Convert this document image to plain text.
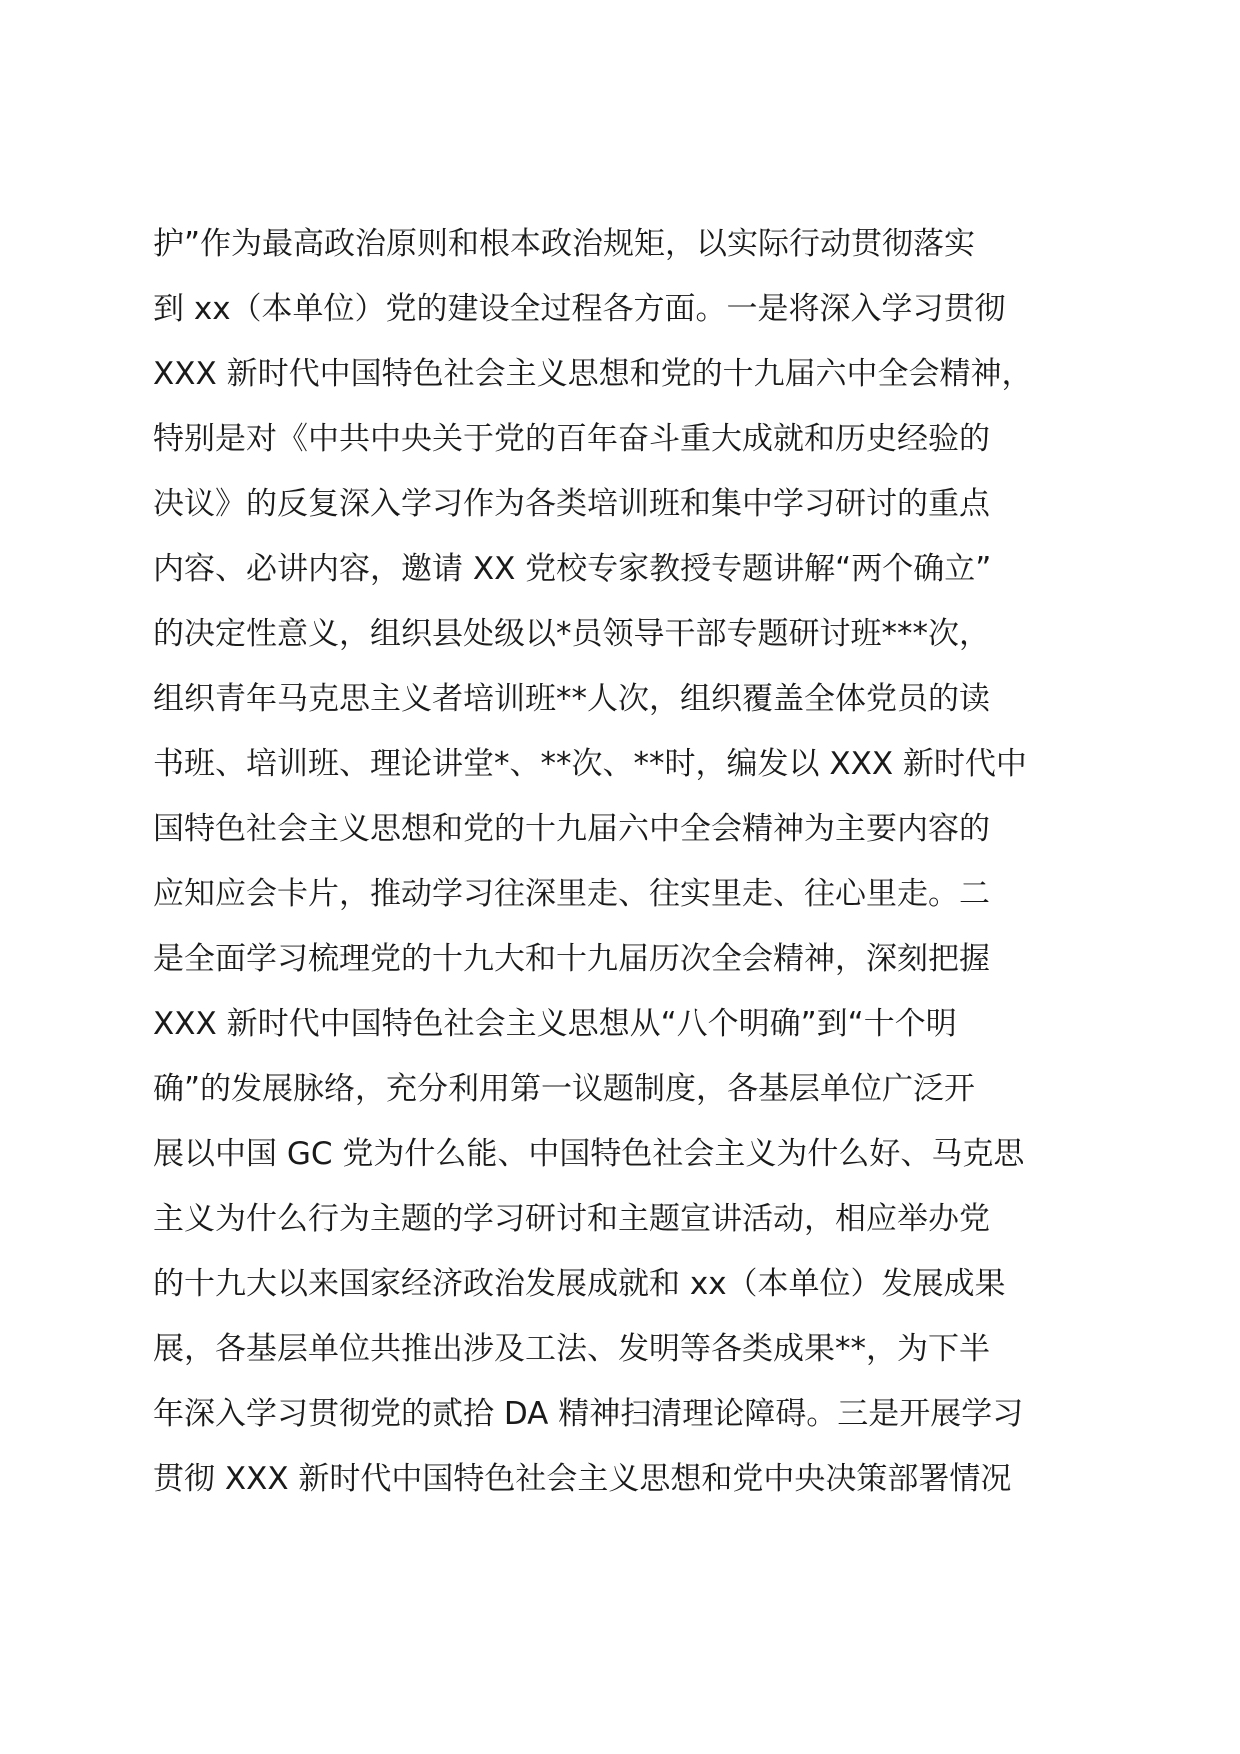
护”作为最高政治原则和根本政治规矩，以实际行动贯彻落实
到 xx（本单位）党的建设全过程各方面。一是将深入学习贯彻
XXX 新时代中国特色社会主义思想和党的十九届六中全会精神，
特别是对《中共中央关于党的百年奋斗重大成就和历史经验的
决议》的反复深入学习作为各类培训班和集中学习研讨的重点
内容、必讲内容，邀请 XX 党校专家教授专题讲解“两个确立”
的决定性意义，组织县处级以*员领导干部专题研讨班***次，
组织青年马克思主义者培训班**人次，组织覆盖全体党员的读
书班、培训班、理论讲堂*、**次、**时，编发以 XXX 新时代中
国特色社会主义思想和党的十九届六中全会精神为主要内容的
应知应会卡片，推动学习往深里走、往实里走、往心里走。二
是全面学习梳理党的十九大和十九届历次全会精神，深刻把握
XXX 新时代中国特色社会主义思想从“八个明确”到“十个明
确”的发展脉络，充分利用第一议题制度，各基层单位广泛开
展以中国 GC 党为什么能、中国特色社会主义为什么好、马克思
主义为什么行为主题的学习研讨和主题宣讲活动，相应举办党
的十九大以来国家经济政治发展成就和 xx（本单位）发展成果
展，各基层单位共推出涉及工法、发明等各类成果**，为下半
年深入学习贯彻党的贰拾 DA 精神扫清理论障碍。三是开展学习
贯彻 XXX 新时代中国特色社会主义思想和党中央决策部署情况
